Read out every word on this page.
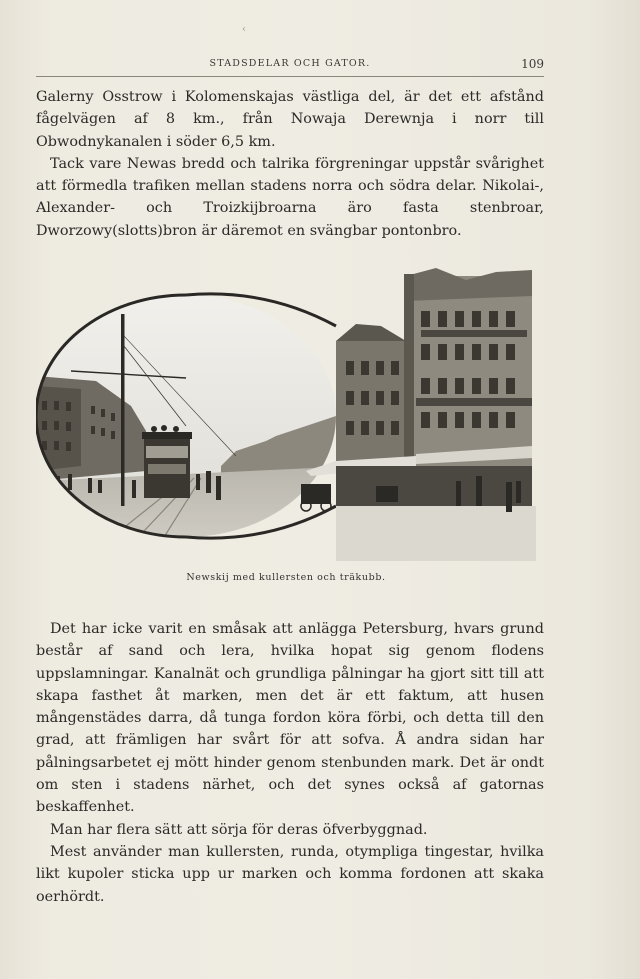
‹
STADSDELAR OCH GATOR.	109

Galerny Osstrow i Kolomenskajas västliga del, är det ett afstånd fågelvägen af 8 km., från Nowaja Derewnja i norr till Obwodnykanalen i söder 6,5 km.

Tack vare Newas bredd och talrika förgreningar uppstår svårighet att förmedla trafiken mellan stadens norra och södra delar. Nikolai-, Alexander- och Troizkijbroarna äro fasta stenbroar, Dworzowy(slotts)bron är däremot en svängbar pontonbro.

Newskij med kullersten och träkubb.

Det har icke varit en småsak att anlägga Petersburg, hvars grund består af sand och lera, hvilka hopat sig genom flodens uppslamningar. Kanalnät och grundliga pålningar ha gjort sitt till att skapa fasthet åt marken, men det är ett faktum, att husen mångenstädes darra, då tunga fordon köra förbi, och detta till den grad, att främligen har svårt för att sofva. Å andra sidan har pålningsarbetet ej mött hinder genom stenbunden mark. Det är ondt om sten i stadens närhet, och det synes också af gatornas beskaffenhet.

Man har flera sätt att sörja för deras öfverbyggnad.

Mest använder man kullersten, runda, otympliga tingestar, hvilka likt kupoler sticka upp ur marken och komma fordonen att skaka oerhördt.
